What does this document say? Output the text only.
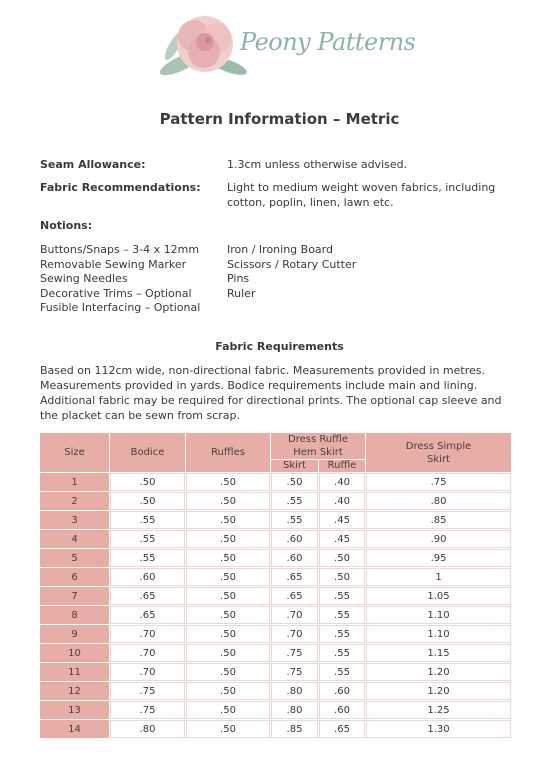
Peony Patterns
Pattern Information – Metric
Seam Allowance:	1.3cm unless otherwise advised.
Fabric Recommendations: Light to medium weight woven fabrics, including cotton, poplin, linen, lawn etc.
Notions:
Buttons/Snaps – 3-4 x 12mm
Removable Sewing Marker
Sewing Needles
Decorative Trims – Optional
Fusible Interfacing – Optional
Iron / Ironing Board
Scissors / Rotary Cutter
Pins
Ruler
Fabric Requirements
Based on 112cm wide, non-directional fabric. Measurements provided in metres. Measurements provided in yards. Bodice requirements include main and lining. Additional fabric may be required for directional prints. The optional cap sleeve and the placket can be sewn from scrap.
Size	Bodice	Ruffles	Dress Ruffle Hem Skirt		Dress Simple Skirt
			Skirt	Ruffle	
1	.50	.50	.50	.40	.75
2	.50	.50	.55	.40	.80
3	.55	.50	.55	.45	.85
4	.55	.50	.60	.45	.90
5	.55	.50	.60	.50	.95
6	.60	.50	.65	.50	1
7	.65	.50	.65	.55	1.05
8	.65	.50	.70	.55	1.10
9	.70	.50	.70	.55	1.10
10	.70	.50	.75	.55	1.15
11	.70	.50	.75	.55	1.20
12	.75	.50	.80	.60	1.20
13	.75	.50	.80	.60	1.25
14	.80	.50	.85	.65	1.30
